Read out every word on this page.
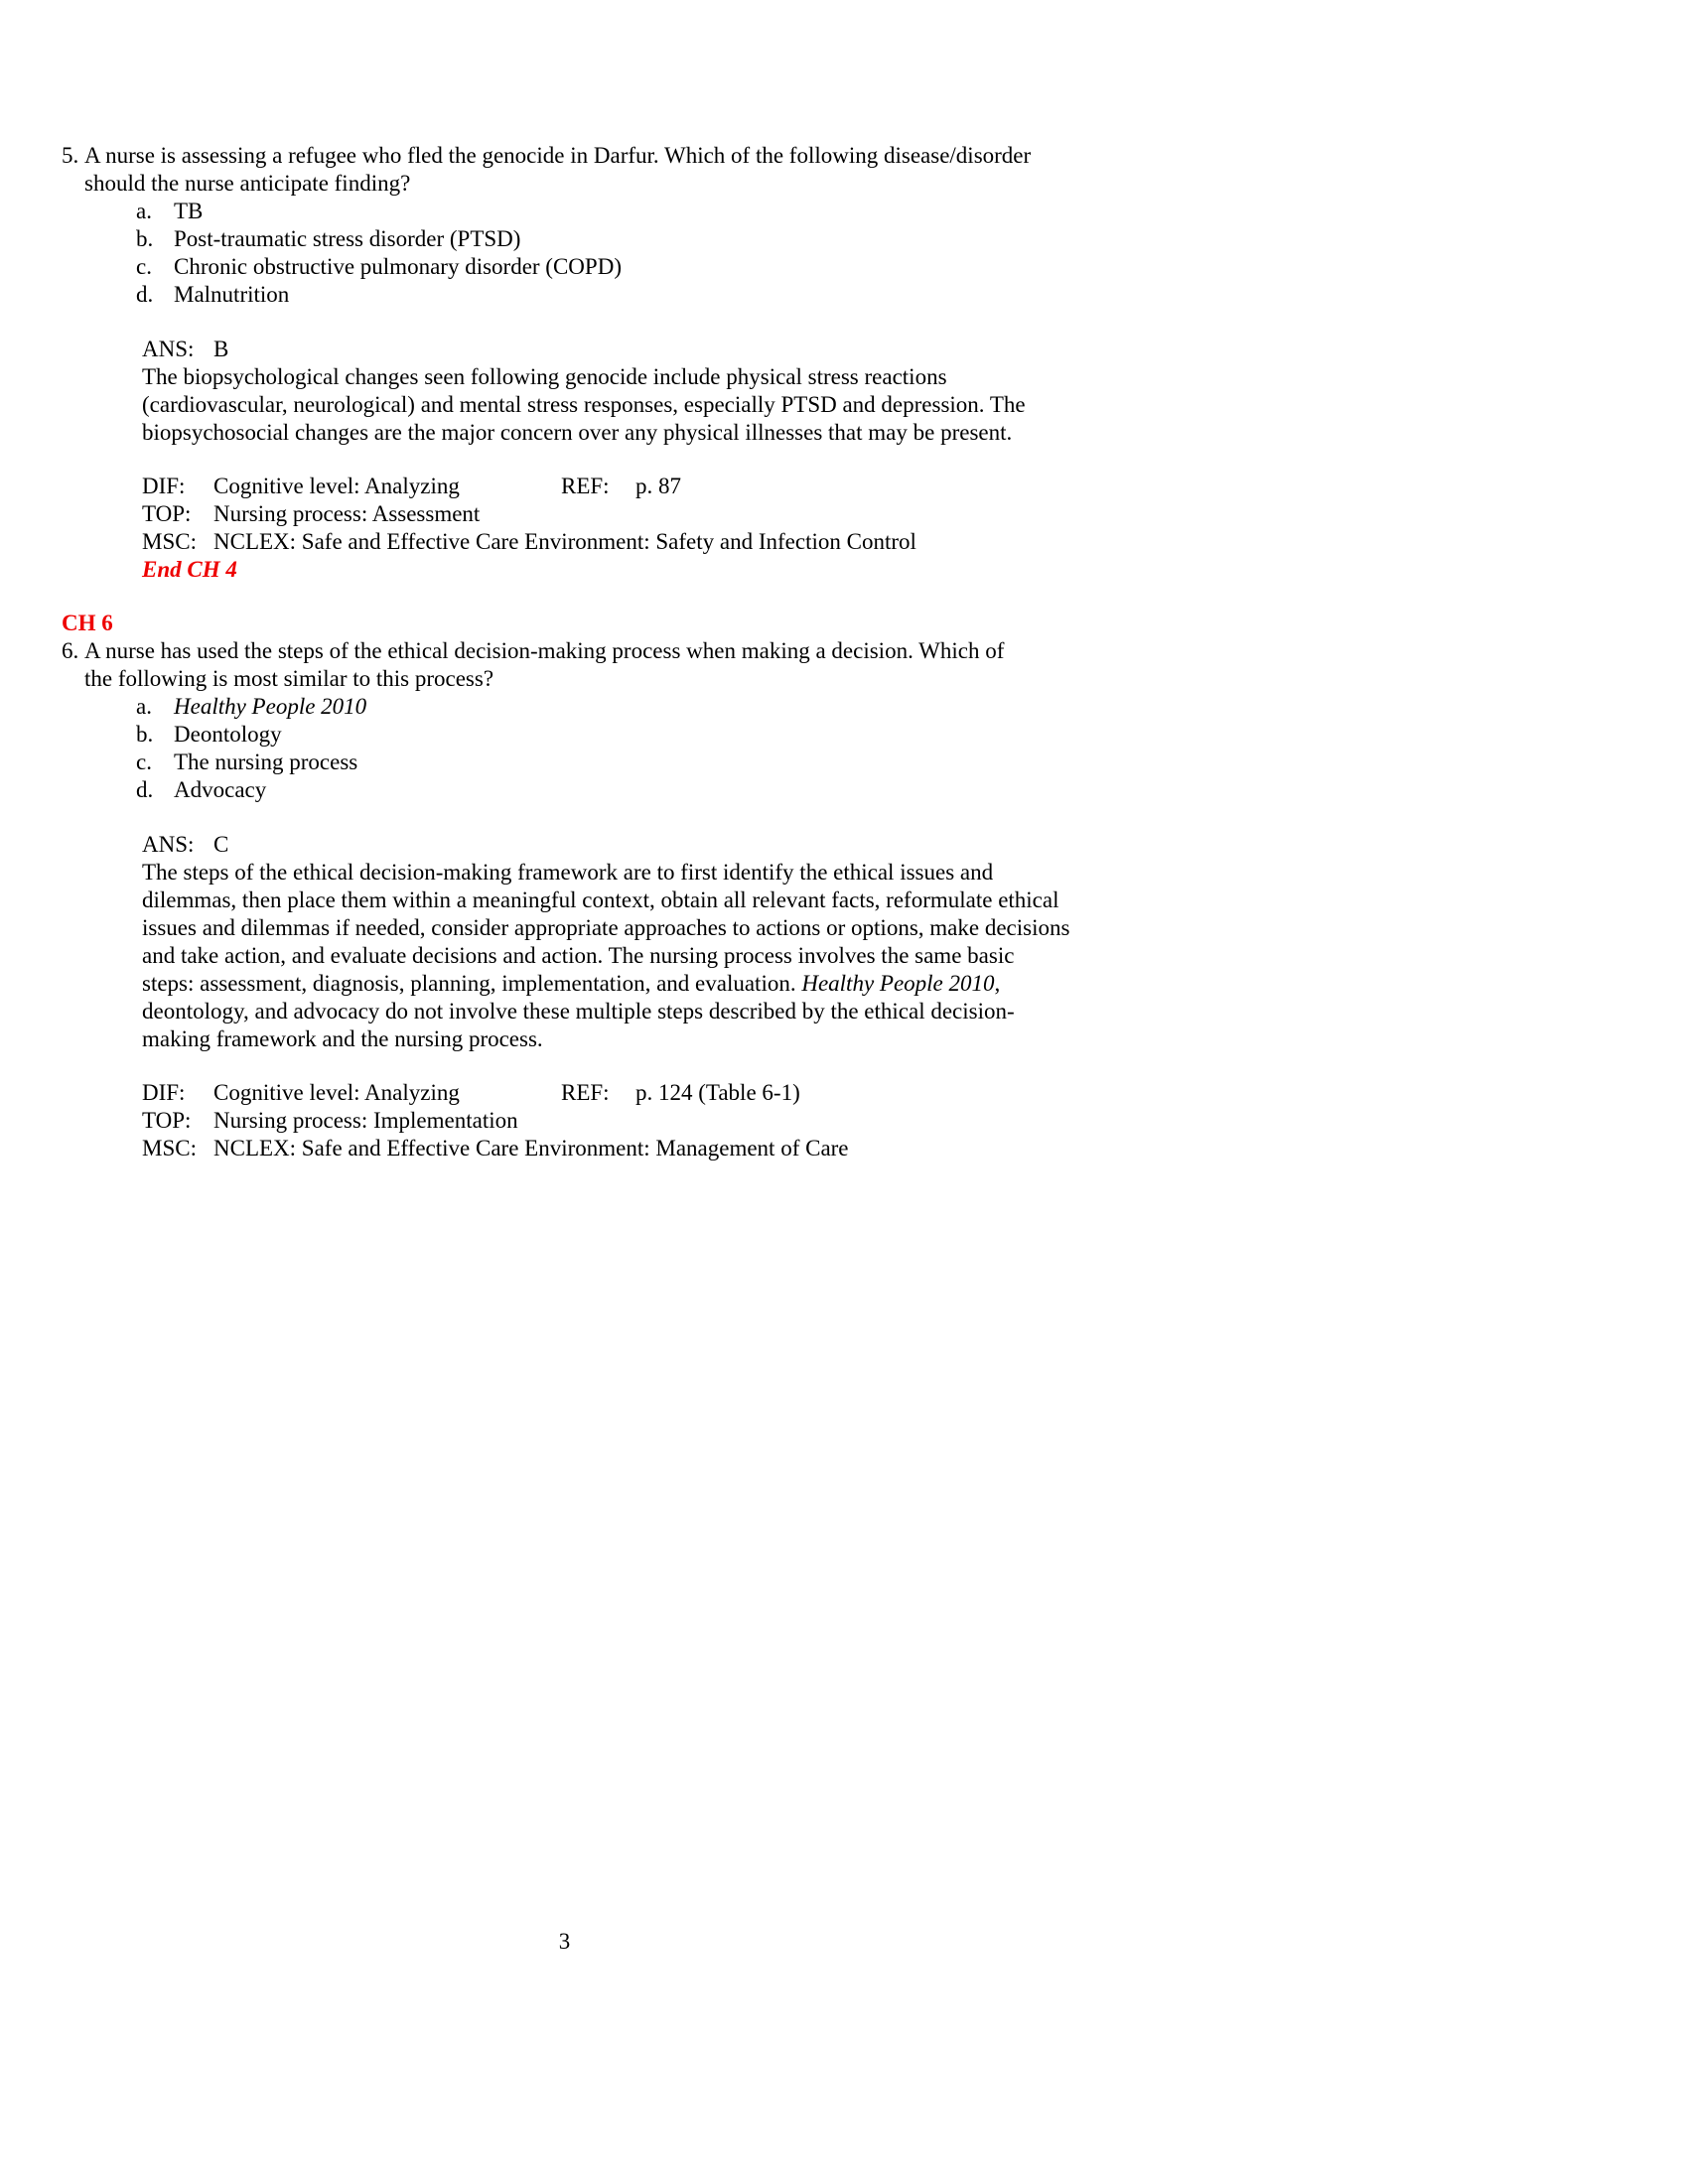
5. A nurse is assessing a refugee who fled the genocide in Darfur. Which of the following disease/disorder should the nurse anticipate finding?
a. TB
b. Post-traumatic stress disorder (PTSD)
c. Chronic obstructive pulmonary disorder (COPD)
d. Malnutrition
ANS: B
The biopsychological changes seen following genocide include physical stress reactions (cardiovascular, neurological) and mental stress responses, especially PTSD and depression. The biopsychosocial changes are the major concern over any physical illnesses that may be present.
DIF: Cognitive level: Analyzing	REF: p. 87
TOP: Nursing process: Assessment
MSC: NCLEX: Safe and Effective Care Environment: Safety and Infection Control
End CH 4
CH 6
6. A nurse has used the steps of the ethical decision-making process when making a decision. Which of the following is most similar to this process?
a. Healthy People 2010
b. Deontology
c. The nursing process
d. Advocacy
ANS: C
The steps of the ethical decision-making framework are to first identify the ethical issues and dilemmas, then place them within a meaningful context, obtain all relevant facts, reformulate ethical issues and dilemmas if needed, consider appropriate approaches to actions or options, make decisions and take action, and evaluate decisions and action. The nursing process involves the same basic steps: assessment, diagnosis, planning, implementation, and evaluation. Healthy People 2010, deontology, and advocacy do not involve these multiple steps described by the ethical decision-making framework and the nursing process.
DIF: Cognitive level: Analyzing	REF: p. 124 (Table 6-1)
TOP: Nursing process: Implementation
MSC: NCLEX: Safe and Effective Care Environment: Management of Care
3
